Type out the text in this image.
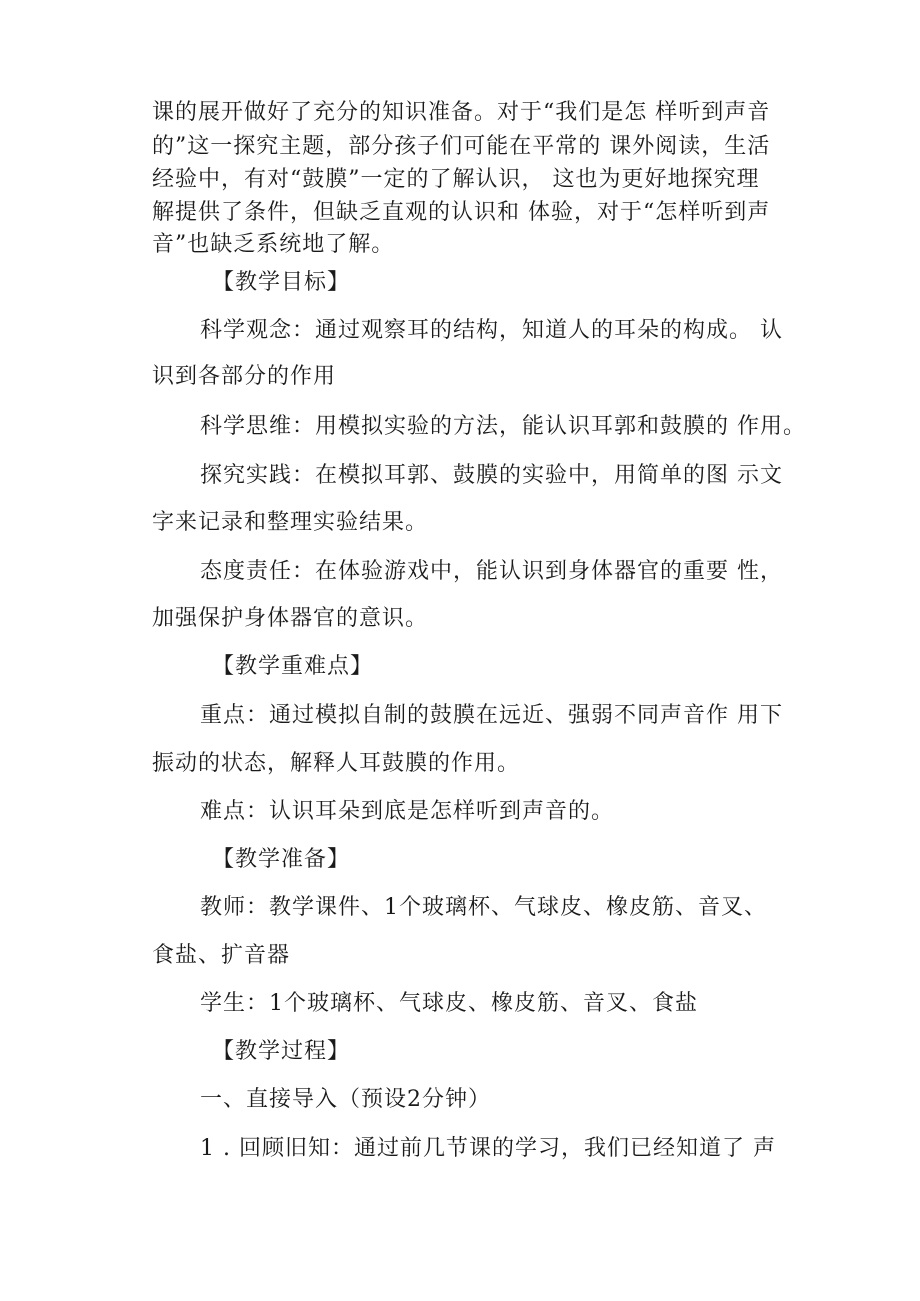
课的展开做好了充分的知识准备。对于“我们是怎 样听到声音
的”这一探究主题，部分孩子们可能在平常的 课外阅读，生活
经验中，有对“鼓膜”一定的了解认识， 这也为更好地探究理
解提供了条件，但缺乏直观的认识和 体验，对于“怎样听到声
音”也缺乏系统地了解。
【教学目标】
科学观念：通过观察耳的结构，知道人的耳朵的构成。 认
识到各部分的作用
科学思维：用模拟实验的方法，能认识耳郭和鼓膜的 作用。
探究实践：在模拟耳郭、鼓膜的实验中，用简单的图 示文
字来记录和整理实验结果。
态度责任：在体验游戏中，能认识到身体器官的重要 性，
加强保护身体器官的意识。
【教学重难点】
重点：通过模拟自制的鼓膜在远近、强弱不同声音作 用下
振动的状态，解释人耳鼓膜的作用。
难点：认识耳朵到底是怎样听到声音的。
【教学准备】
教师：教学课件、1个玻璃杯、气球皮、橡皮筋、音叉、
食盐、扩音器
学生：1个玻璃杯、气球皮、橡皮筋、音叉、食盐
【教学过程】
一、直接导入（预设2分钟）
1 . 回顾旧知：通过前几节课的学习，我们已经知道了 声
